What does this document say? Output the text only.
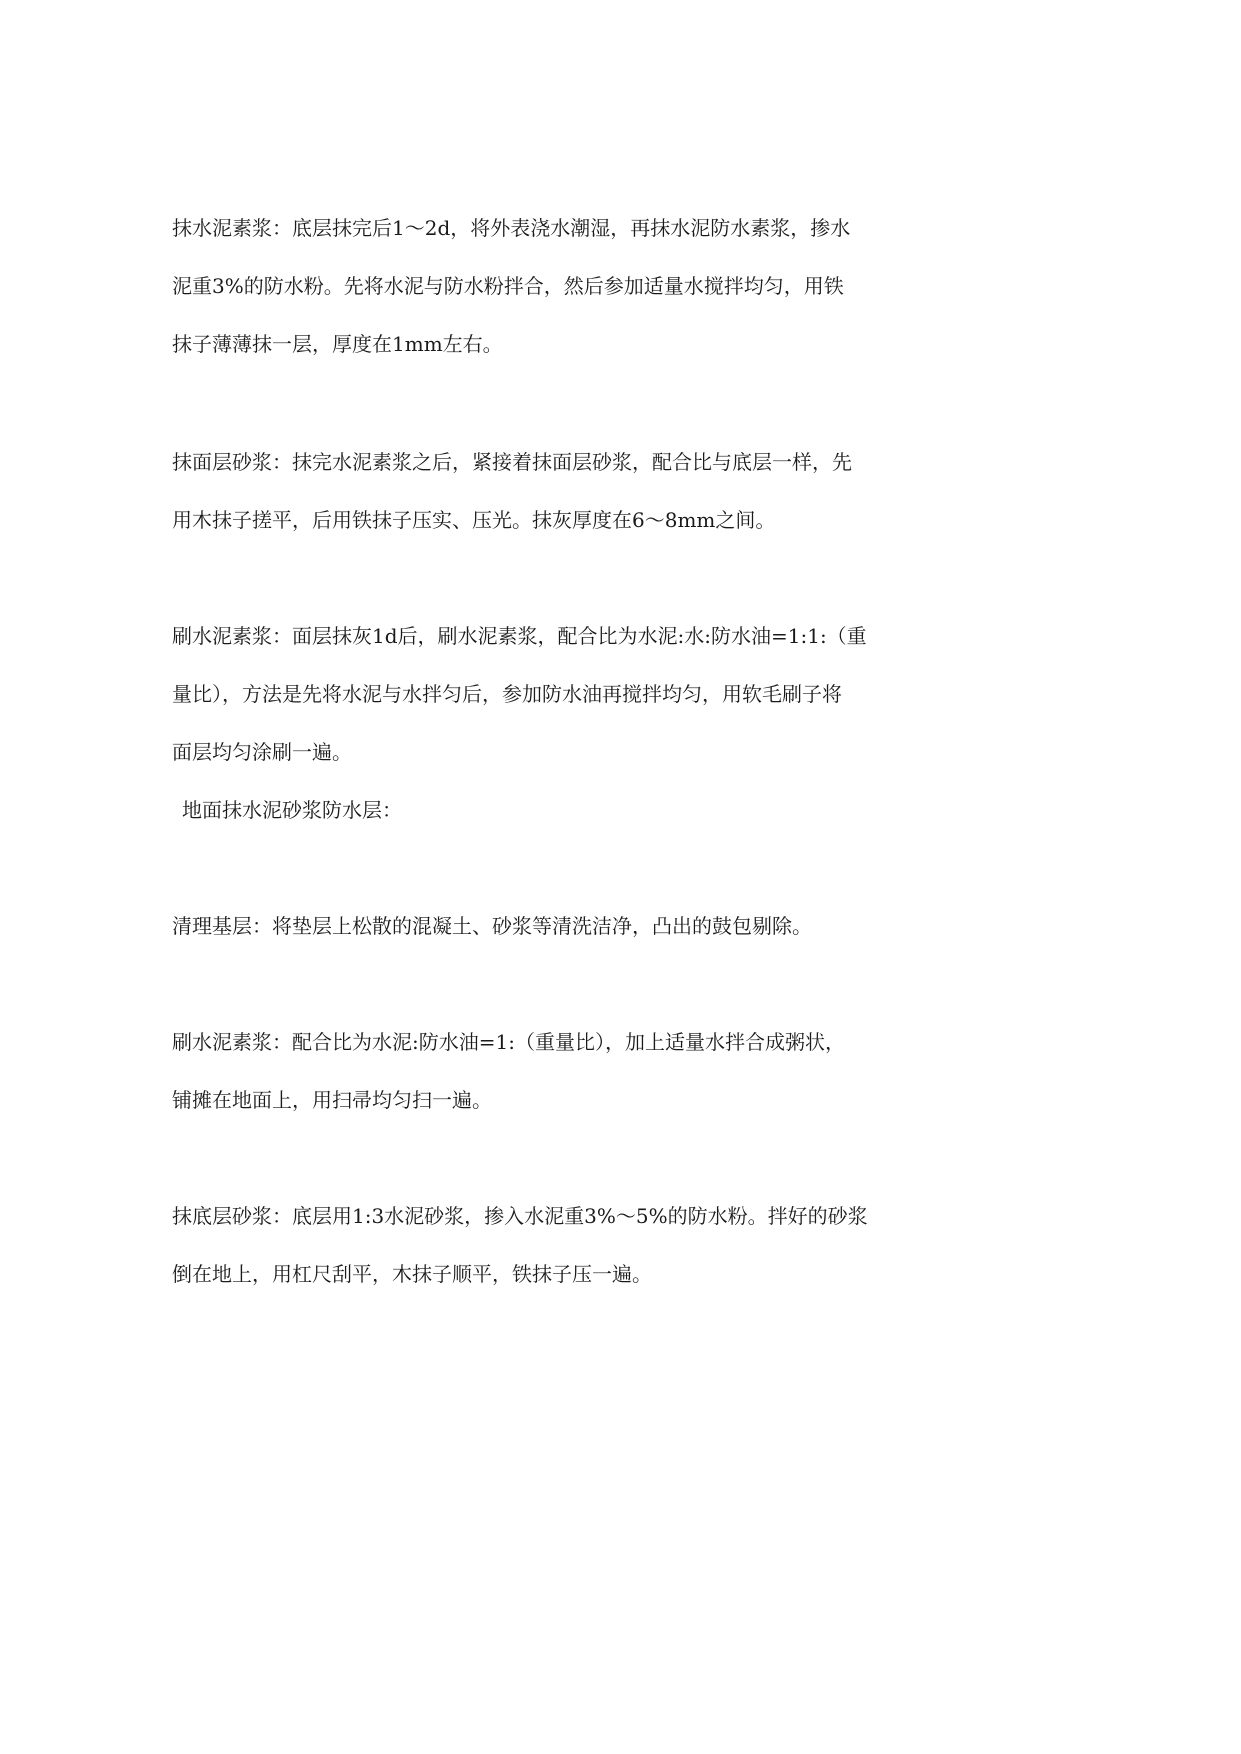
抹水泥素浆：底层抹完后1～2d，将外表浇水潮湿，再抹水泥防水素浆，掺水

泥重3%的防水粉。先将水泥与防水粉拌合，然后参加适量水搅拌均匀，用铁

抹子薄薄抹一层，厚度在1mm左右。

抹面层砂浆：抹完水泥素浆之后，紧接着抹面层砂浆，配合比与底层一样，先

用木抹子搓平，后用铁抹子压实、压光。抹灰厚度在6～8mm之间。

刷水泥素浆：面层抹灰1d后，刷水泥素浆，配合比为水泥:水:防水油=1:1:（重

量比），方法是先将水泥与水拌匀后，参加防水油再搅拌均匀，用软毛刷子将

面层均匀涂刷一遍。

地面抹水泥砂浆防水层：

清理基层：将垫层上松散的混凝土、砂浆等清洗洁净，凸出的鼓包剔除。

刷水泥素浆：配合比为水泥:防水油=1:（重量比），加上适量水拌合成粥状，

铺摊在地面上，用扫帚均匀扫一遍。

抹底层砂浆：底层用1:3水泥砂浆，掺入水泥重3%～5%的防水粉。拌好的砂浆

倒在地上，用杠尺刮平，木抹子顺平，铁抹子压一遍。
